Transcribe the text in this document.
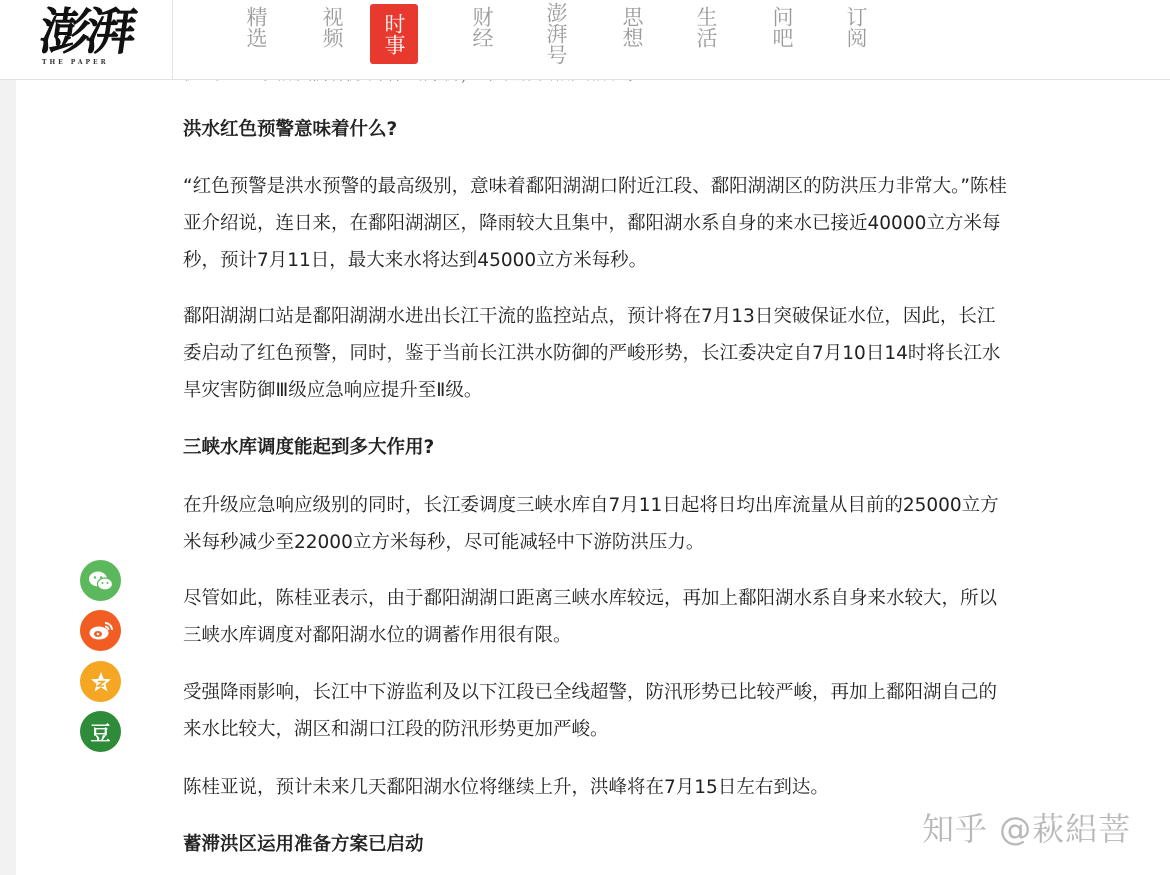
洪水红色预警意味着什么?

“红色预警是洪水预警的最高级别，意味着鄱阳湖湖口附近江段、鄱阳湖湖区的防洪压力非常大。”陈桂亚介绍说，连日来，在鄱阳湖湖区，降雨较大且集中，鄱阳湖水系自身的来水已接近40000立方米每秒，预计7月11日，最大来水将达到45000立方米每秒。

鄱阳湖湖口站是鄱阳湖湖水进出长江干流的监控站点，预计将在7月13日突破保证水位，因此，长江委启动了红色预警，同时，鉴于当前长江洪水防御的严峻形势，长江委决定自7月10日14时将长江水旱灾害防御Ⅲ级应急响应提升至Ⅱ级。

三峡水库调度能起到多大作用?

在升级应急响应级别的同时，长江委调度三峡水库自7月11日起将日均出库流量从目前的25000立方米每秒减少至22000立方米每秒，尽可能减轻中下游防洪压力。

尽管如此，陈桂亚表示，由于鄱阳湖湖口距离三峡水库较远，再加上鄱阳湖水系自身来水较大，所以三峡水库调度对鄱阳湖水位的调蓄作用很有限。

受强降雨影响，长江中下游监利及以下江段已全线超警，防汛形势已比较严峻，再加上鄱阳湖自己的来水比较大，湖区和湖口江段的防汛形势更加严峻。

陈桂亚说，预计未来几天鄱阳湖水位将继续上升，洪峰将在7月15日左右到达。

蓄滞洪区运用准备方案已启动
澎湃
THE PAPER
精选	视频 时事	财经	澎湃号	思想	生活	问吧	订阅
豆
知乎 @萩絽菩
